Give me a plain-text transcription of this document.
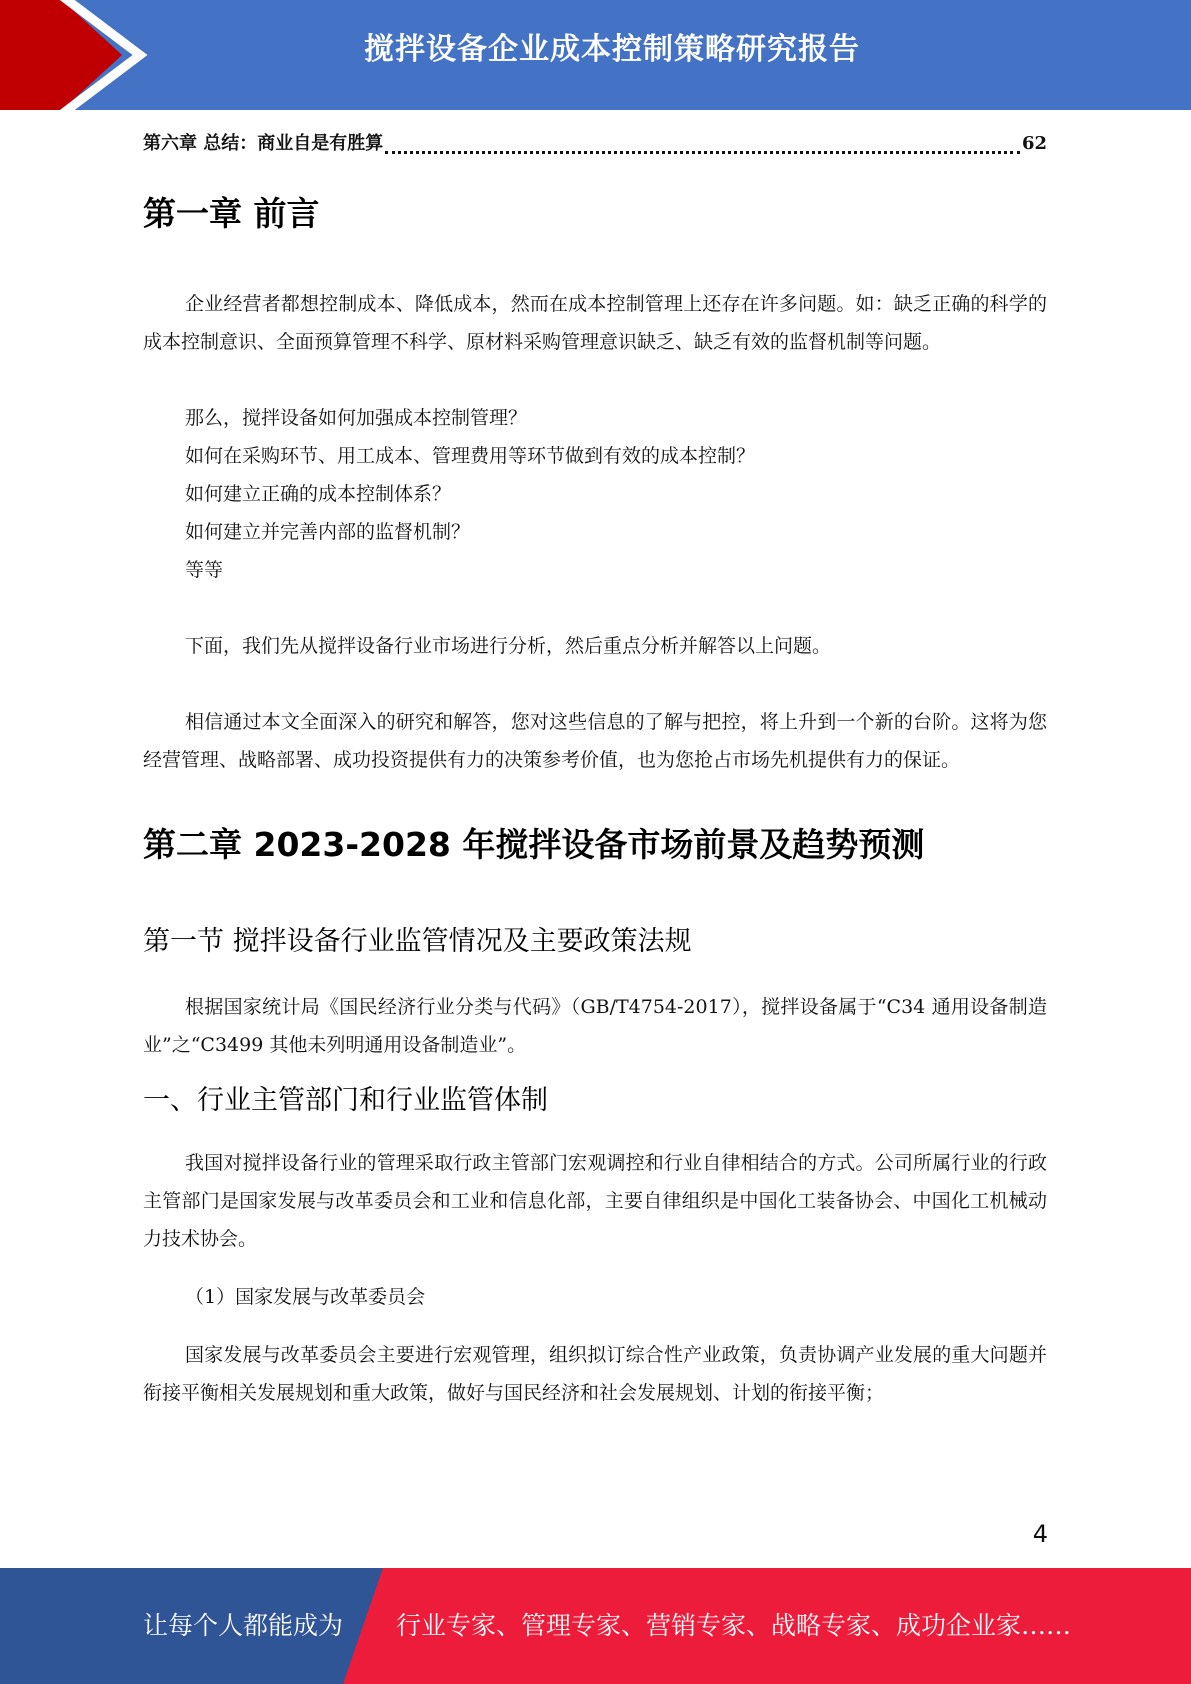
搅拌设备企业成本控制策略研究报告
第六章 总结：商业自是有胜算	62
第一章 前言

企业经营者都想控制成本、降低成本，然而在成本控制管理上还存在许多问题。如：缺乏正确的科学的成本控制意识、全面预算管理不科学、原材料采购管理意识缺乏、缺乏有效的监督机制等问题。

那么，搅拌设备如何加强成本控制管理？
如何在采购环节、用工成本、管理费用等环节做到有效的成本控制？
如何建立正确的成本控制体系？
如何建立并完善内部的监督机制？
等等

下面，我们先从搅拌设备行业市场进行分析，然后重点分析并解答以上问题。

相信通过本文全面深入的研究和解答，您对这些信息的了解与把控，将上升到一个新的台阶。这将为您经营管理、战略部署、成功投资提供有力的决策参考价值，也为您抢占市场先机提供有力的保证。

第二章 2023-2028 年搅拌设备市场前景及趋势预测
第一节 搅拌设备行业监管情况及主要政策法规

根据国家统计局《国民经济行业分类与代码》（GB/T4754-2017），搅拌设备属于“C34 通用设备制造业”之“C3499 其他未列明通用设备制造业”。

一、行业主管部门和行业监管体制

我国对搅拌设备行业的管理采取行政主管部门宏观调控和行业自律相结合的方式。公司所属行业的行政主管部门是国家发展与改革委员会和工业和信息化部，主要自律组织是中国化工装备协会、中国化工机械动力技术协会。

（1）国家发展与改革委员会

国家发展与改革委员会主要进行宏观管理，组织拟订综合性产业政策，负责协调产业发展的重大问题并衔接平衡相关发展规划和重大政策，做好与国民经济和社会发展规划、计划的衔接平衡；

4
让每个人都能成为 行业专家、管理专家、营销专家、战略专家、成功企业家……
